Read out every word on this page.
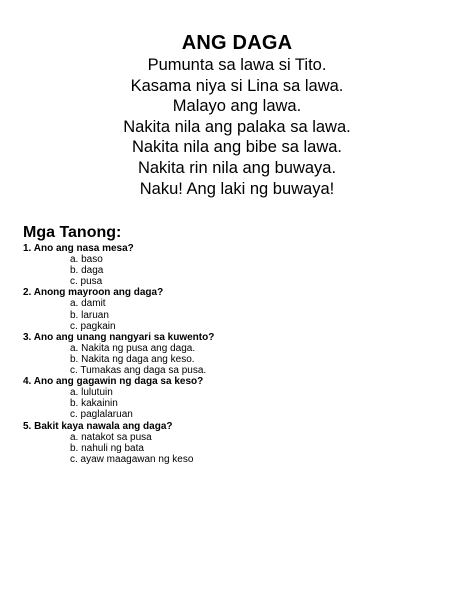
ANG DAGA
Pumunta sa lawa si Tito.
Kasama niya si Lina sa lawa.
Malayo ang lawa.
Nakita nila ang palaka sa lawa.
Nakita nila ang bibe sa lawa.
Nakita rin nila ang buwaya.
Naku! Ang laki ng buwaya!
Mga Tanong:
1. Ano ang nasa mesa?
a. baso
b. daga
c. pusa
2. Anong mayroon ang daga?
a. damit
b. laruan
c. pagkain
3. Ano ang unang nangyari sa kuwento?
a. Nakita ng pusa ang daga.
b. Nakita ng daga ang keso.
c. Tumakas ang daga sa pusa.
4. Ano ang gagawin ng daga sa keso?
a. lulutuin
b. kakainin
c. paglalaruan
5. Bakit kaya nawala ang daga?
a. natakot sa pusa
b. nahuli ng bata
c. ayaw maagawan ng keso
